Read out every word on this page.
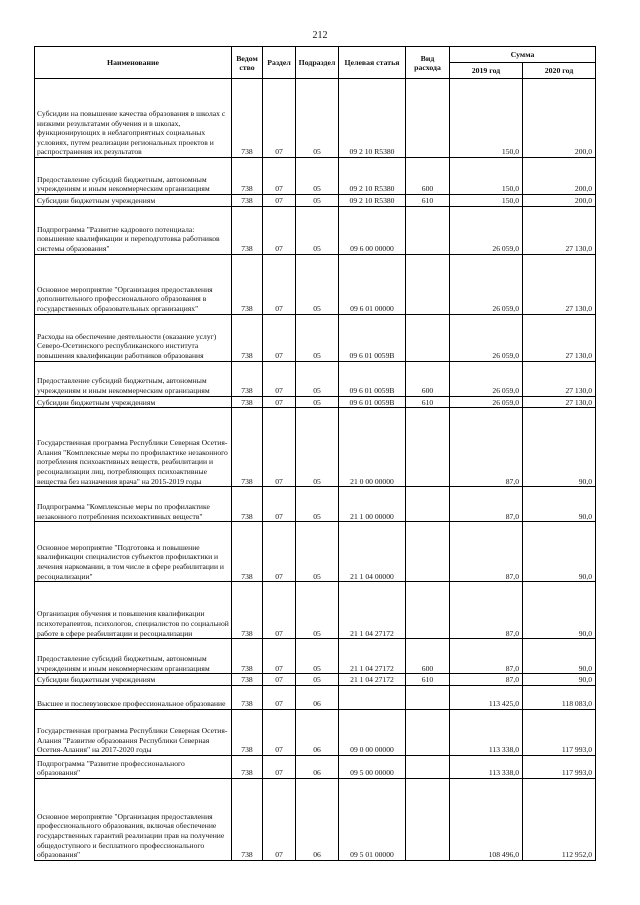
212
Наименование	Ведом ство	Раздел	Подраздел	Целевая статья	Вид расхода	Сумма	
						2019 год	2020 год
Субсидии на повышение качества образования в школах с низкими результатами обучения и в школах, функционирующих в неблагоприятных социальных условиях, путем реализации региональных проектов и распространения их результатов	738	07	05	09 2 10 R5380		150,0	200,0
Предоставление субсидий бюджетным, автономным учреждениям и иным некоммерческим организациям	738	07	05	09 2 10 R5380	600	150,0	200,0
Субсидии бюджетным учреждениям	738	07	05	09 2 10 R5380	610	150,0	200,0
Подпрограмма "Развитие кадрового потенциала: повышение квалификации и переподготовка работников системы образования"	738	07	05	09 6 00 00000		26 059,0	27 130,0
Основное мероприятие "Организация предоставления дополнительного профессионального образования в государственных образовательных организациях"	738	07	05	09 6 01 00000		26 059,0	27 130,0
Расходы на обеспечение деятельности (оказание услуг) Северо-Осетинского республиканского института повышения квалификации работников образования	738	07	05	09 6 01 0059В		26 059,0	27 130,0
Предоставление субсидий бюджетным, автономным учреждениям и иным некоммерческим организациям	738	07	05	09 6 01 0059В	600	26 059,0	27 130,0
Субсидии бюджетным учреждениям	738	07	05	09 6 01 0059В	610	26 059,0	27 130,0
Государственная программа Республики Северная Осетия-Алания "Комплексные меры по профилактике незаконного потребления психоактивных веществ, реабилитации и ресоциализации лиц, потребляющих психоактивные вещества без назначения врача" на 2015-2019 годы	738	07	05	21 0 00 00000		87,0	90,0
Подпрограмма "Комплексные меры по профилактике незаконного потребления психоактивных веществ"	738	07	05	21 1 00 00000		87,0	90,0
Основное мероприятие "Подготовка и повышение квалификации специалистов субъектов профилактики и лечения наркомании, в том числе в сфере реабилитации и ресоциализации"	738	07	05	21 1 04 00000		87,0	90,0
Организация обучения и повышения квалификации психотерапевтов, психологов, специалистов по социальной работе в сфере реабилитации и ресоциализации	738	07	05	21 1 04 27172		87,0	90,0
Предоставление субсидий бюджетным, автономным учреждениям и иным некоммерческим организациям	738	07	05	21 1 04 27172	600	87,0	90,0
Субсидии бюджетным учреждениям	738	07	05	21 1 04 27172	610	87,0	90,0
Высшее и послевузовское профессиональное образование	738	07	06			113 425,0	118 083,0
Государственная программа Республики Северная Осетия-Алания "Развитие образования Республики Северная Осетия-Алания" на 2017-2020 годы	738	07	06	09 0 00 00000		113 338,0	117 993,0
Подпрограмма "Развитие профессионального образования"	738	07	06	09 5 00 00000		113 338,0	117 993,0
Основное мероприятие "Организация предоставления профессионального образования, включая обеспечение государственных гарантий реализации прав на получение общедоступного и бесплатного профессионального образования"	738	07	06	09 5 01 00000		108 496,0	112 952,0
